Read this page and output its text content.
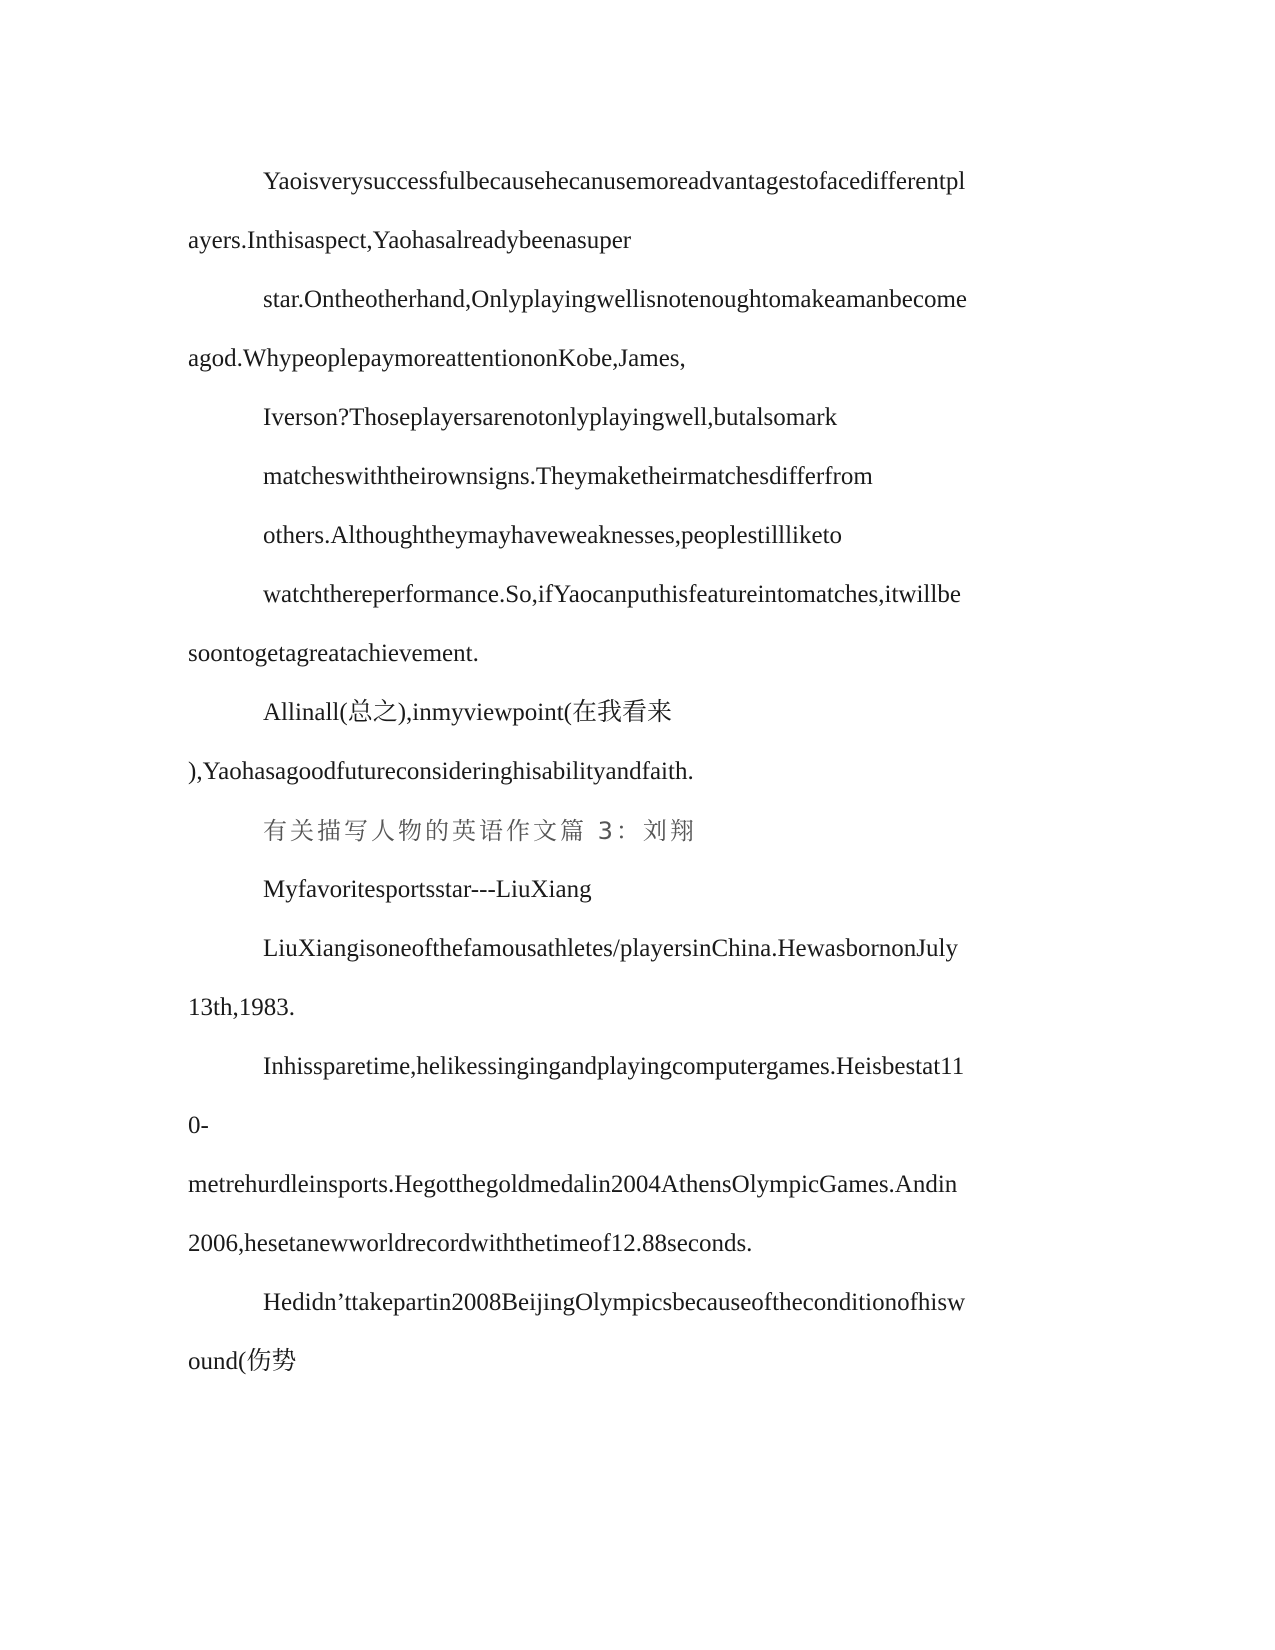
Yaoisverysuccessfulbecausehecanusemoreadvantagestofacedifferentpl
ayers.Inthisaspect,Yaohasalreadybeenasuper
star.Ontheotherhand,Onlyplayingwellisnotenoughtomakeamanbecome
agod.WhypeoplepaymoreattentiononKobe,James,
Iverson?Thoseplayersarenotonlyplayingwell,butalsomark
matcheswiththeirownsigns.Theymaketheirmatchesdifferfrom
others.Althoughtheymayhaveweaknesses,peoplestillliketo
watchthereperformance.So,ifYaocanputhisfeatureintomatches,itwillbe
soontogetagreatachievement.
Allinall(总之),inmyviewpoint(在我看来
),Yaohasagoodfutureconsideringhisabilityandfaith.
有关描写人物的英语作文篇 3：刘翔
Myfavoritesportsstar---LiuXiang
LiuXiangisoneofthefamousathletes/playersinChina.HewasbornonJuly
13th,1983.
Inhissparetime,helikessingingandplayingcomputergames.Heisbestat11
0-
metrehurdleinsports.Hegotthegoldmedalin2004AthensOlympicGames.Andin
2006,hesetanewworldrecordwiththetimeof12.88seconds.
Hedidn’ttakepartin2008BeijingOlympicsbecauseoftheconditionofhisw
ound(伤势
